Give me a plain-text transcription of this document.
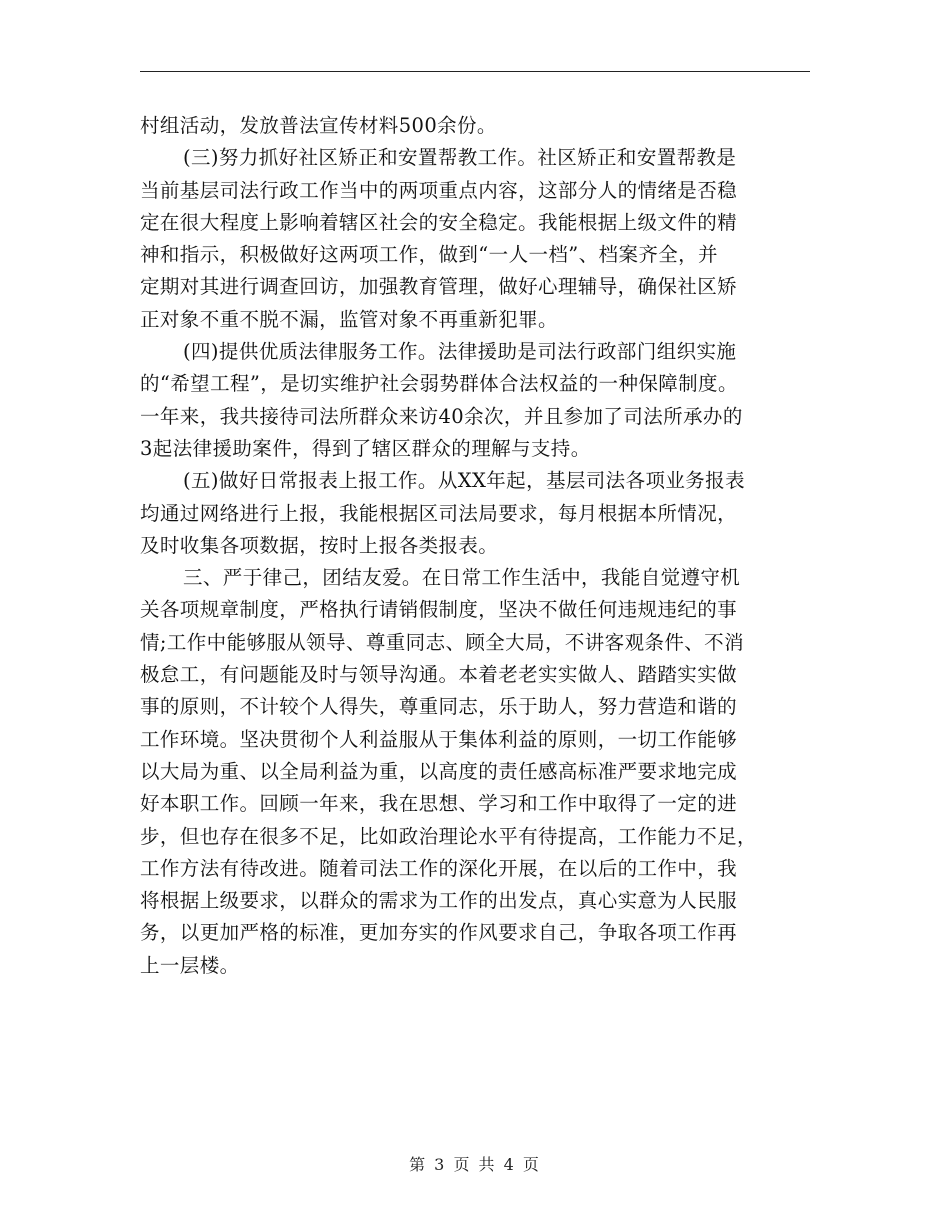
村组活动，发放普法宣传材料500余份。
(三)努力抓好社区矫正和安置帮教工作。社区矫正和安置帮教是
当前基层司法行政工作当中的两项重点内容，这部分人的情绪是否稳
定在很大程度上影响着辖区社会的安全稳定。我能根据上级文件的精
神和指示，积极做好这两项工作，做到“一人一档”、档案齐全，并
定期对其进行调查回访，加强教育管理，做好心理辅导，确保社区矫
正对象不重不脱不漏，监管对象不再重新犯罪。
(四)提供优质法律服务工作。法律援助是司法行政部门组织实施
的“希望工程”，是切实维护社会弱势群体合法权益的一种保障制度。
一年来，我共接待司法所群众来访40余次，并且参加了司法所承办的
3起法律援助案件，得到了辖区群众的理解与支持。
(五)做好日常报表上报工作。从XX年起，基层司法各项业务报表
均通过网络进行上报，我能根据区司法局要求，每月根据本所情况，
及时收集各项数据，按时上报各类报表。
三、严于律己，团结友爱。在日常工作生活中，我能自觉遵守机
关各项规章制度，严格执行请销假制度，坚决不做任何违规违纪的事
情;工作中能够服从领导、尊重同志、顾全大局，不讲客观条件、不消
极怠工，有问题能及时与领导沟通。本着老老实实做人、踏踏实实做
事的原则，不计较个人得失，尊重同志，乐于助人，努力营造和谐的
工作环境。坚决贯彻个人利益服从于集体利益的原则，一切工作能够
以大局为重、以全局利益为重，以高度的责任感高标准严要求地完成
好本职工作。回顾一年来，我在思想、学习和工作中取得了一定的进
步，但也存在很多不足，比如政治理论水平有待提高，工作能力不足，
工作方法有待改进。随着司法工作的深化开展，在以后的工作中，我
将根据上级要求，以群众的需求为工作的出发点，真心实意为人民服
务，以更加严格的标准，更加夯实的作风要求自己，争取各项工作再
上一层楼。
第 3 页 共 4 页
